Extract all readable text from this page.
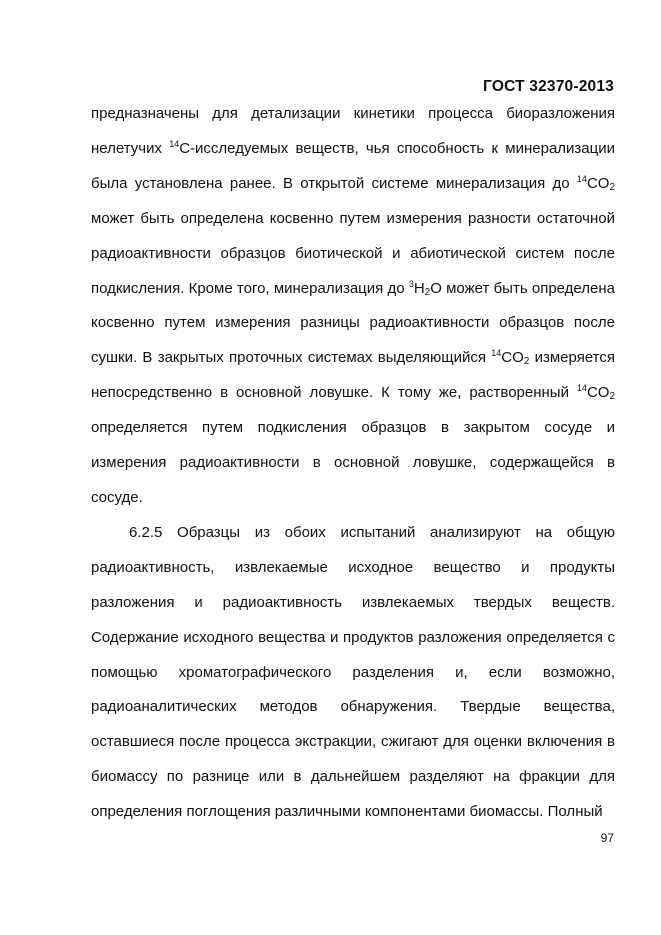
ГОСТ 32370-2013

предназначены для детализации кинетики процесса биоразложения нелетучих $^{14}$С-исследуемых веществ, чья способность к минерализации была установлена ранее. В открытой системе минерализация до $^{14}CO_2$ может быть определена косвенно путем измерения разности остаточной радиоактивности образцов биотической и абиотической систем после подкисления. Кроме того, минерализация до $^3H_2O$ может быть определена косвенно путем измерения разницы радиоактивности образцов после сушки. В закрытых проточных системах выделяющийся $^{14}CO_2$ измеряется непосредственно в основной ловушке. К тому же, растворенный $^{14}CO_2$ определяется путем подкисления образцов в закрытом сосуде и измерения радиоактивности в основной ловушке, содержащейся в сосуде.

6.2.5 Образцы из обоих испытаний анализируют на общую радиоактивность, извлекаемые исходное вещество и продукты разложения и радиоактивность извлекаемых твердых веществ. Содержание исходного вещества и продуктов разложения определяется с помощью хроматографического разделения и, если возможно, радиоаналитических методов обнаружения. Твердые вещества, оставшиеся после процесса экстракции, сжигают для оценки включения в биомассу по разнице или в дальнейшем разделяют на фракции для определения поглощения различными компонентами биомассы. Полный

97
